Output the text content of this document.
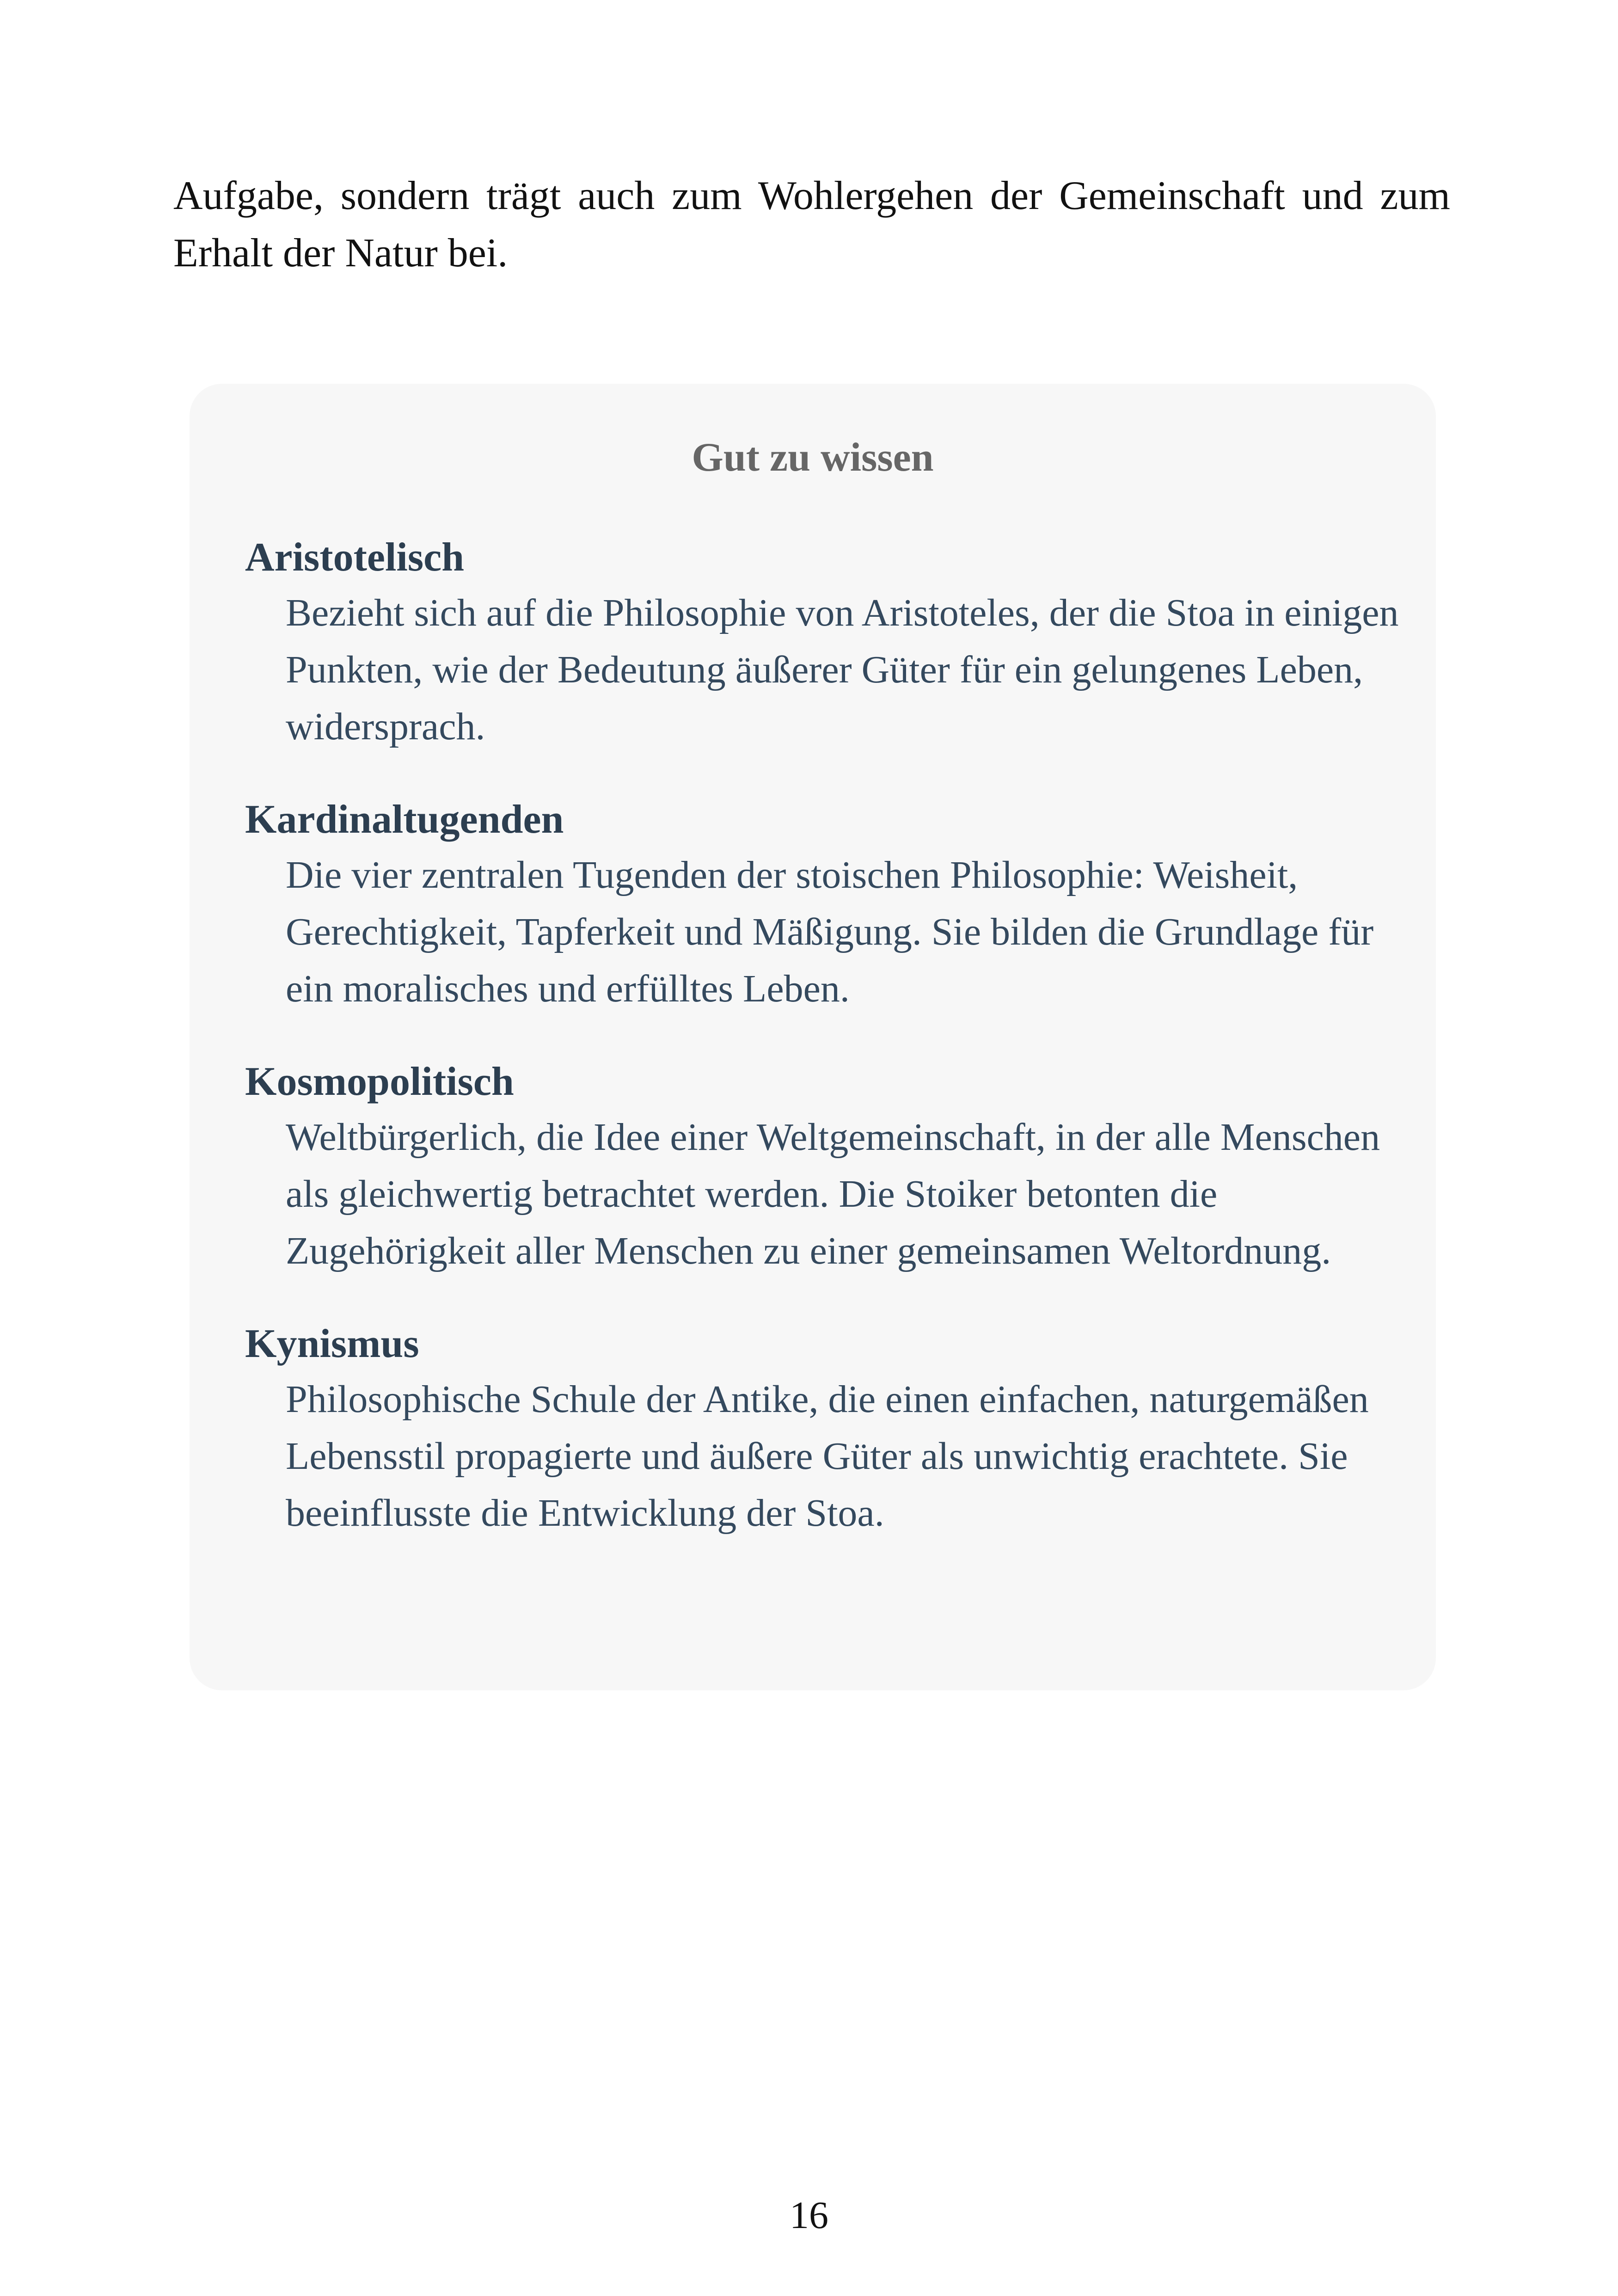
Aufgabe, sondern trägt auch zum Wohlergehen der Gemeinschaft und zum Erhalt der Natur bei.

Gut zu wissen
Aristotelisch
Bezieht sich auf die Philosophie von Aristoteles, der die Stoa in einigen Punkten, wie der Bedeutung äußerer Güter für ein gelungenes Leben, widersprach.
Kardinaltugenden
Die vier zentralen Tugenden der stoischen Philosophie: Weisheit, Gerechtigkeit, Tapferkeit und Mäßigung. Sie bilden die Grundlage für ein moralisches und erfülltes Leben.
Kosmopolitisch
Weltbürgerlich, die Idee einer Weltgemeinschaft, in der alle Menschen als gleichwertig betrachtet werden. Die Stoiker betonten die Zugehörigkeit aller Menschen zu einer gemeinsamen Weltordnung.
Kynismus
Philosophische Schule der Antike, die einen einfachen, naturgemäßen Lebensstil propagierte und äußere Güter als unwichtig erachtete. Sie beeinflusste die Entwicklung der Stoa.

16
